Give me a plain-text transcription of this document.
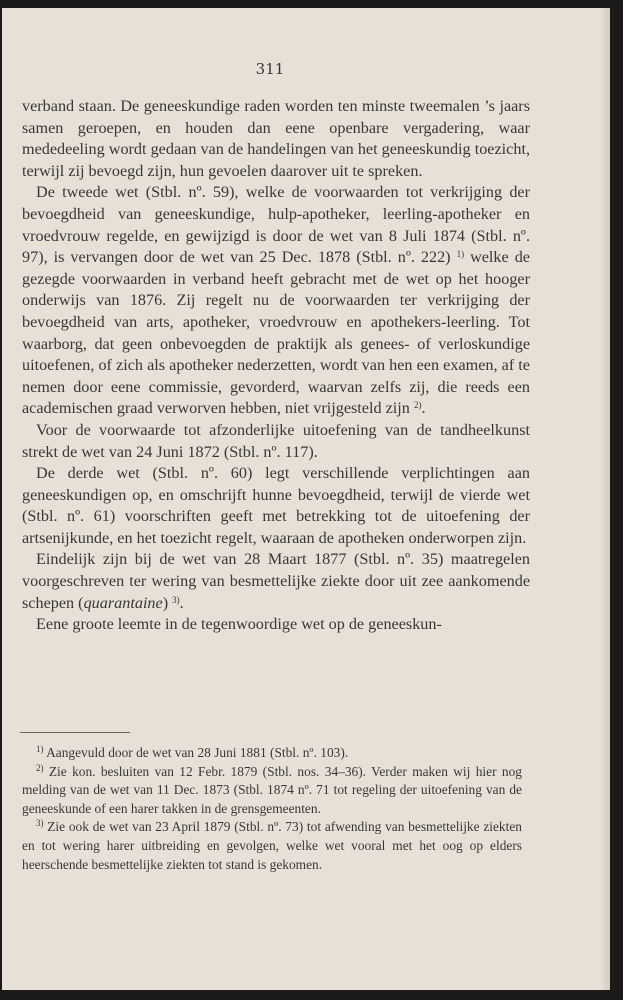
311

verband staan. De geneeskundige raden worden ten minste tweemalen ’s jaars samen geroepen, en houden dan eene openbare vergadering, waar mededeeling wordt gedaan van de handelingen van het geneeskundig toezicht, terwijl zij bevoegd zijn, hun gevoelen daarover uit te spreken.

De tweede wet (Stbl. nº. 59), welke de voorwaarden tot verkrijging der bevoegdheid van geneeskundige, hulp-apotheker, leerling-apotheker en vroedvrouw regelde, en gewijzigd is door de wet van 8 Juli 1874 (Stbl. nº. 97), is vervangen door de wet van 25 Dec. 1878 (Stbl. nº. 222) $^{1)}$ welke de gezegde voorwaarden in verband heeft gebracht met de wet op het hooger onderwijs van 1876. Zij regelt nu de voorwaarden ter verkrijging der bevoegdheid van arts, apotheker, vroedvrouw en apothekers-leerling. Tot waarborg, dat geen onbevoegden de praktijk als genees- of verloskundige uitoefenen, of zich als apotheker nederzetten, wordt van hen een examen, af te nemen door eene commissie, gevorderd, waarvan zelfs zij, die reeds een academischen graad verworven hebben, niet vrijgesteld zijn $^{2)}$.

Voor de voorwaarde tot afzonderlijke uitoefening van de tandheelkunst strekt de wet van 24 Juni 1872 (Stbl. nº. 117).

De derde wet (Stbl. nº. 60) legt verschillende verplichtingen aan geneeskundigen op, en omschrijft hunne bevoegdheid, terwijl de vierde wet (Stbl. nº. 61) voorschriften geeft met betrekking tot de uitoefening der artsenijkunde, en het toezicht regelt, waaraan de apotheken onderworpen zijn.

Eindelijk zijn bij de wet van 28 Maart 1877 (Stbl. nº. 35) maatregelen voorgeschreven ter wering van besmettelijke ziekte door uit zee aankomende schepen (quarantaine) $^{3)}$.

Eene groote leemte in de tegenwoordige wet op de geneeskun-

$^{1)}$ Aangevuld door de wet van 28 Juni 1881 (Stbl. nº. 103).

$^{2)}$ Zie kon. besluiten van 12 Febr. 1879 (Stbl. nos. 34–36). Verder maken wij hier nog melding van de wet van 11 Dec. 1873 (Stbl. 1874 nº. 71 tot regeling der uitoefening van de geneeskunde of een harer takken in de grensgemeenten.

$^{3)}$ Zie ook de wet van 23 April 1879 (Stbl. nº. 73) tot afwending van besmettelijke ziekten en tot wering harer uitbreiding en gevolgen, welke wet vooral met het oog op elders heerschende besmettelijke ziekten tot stand is gekomen.
